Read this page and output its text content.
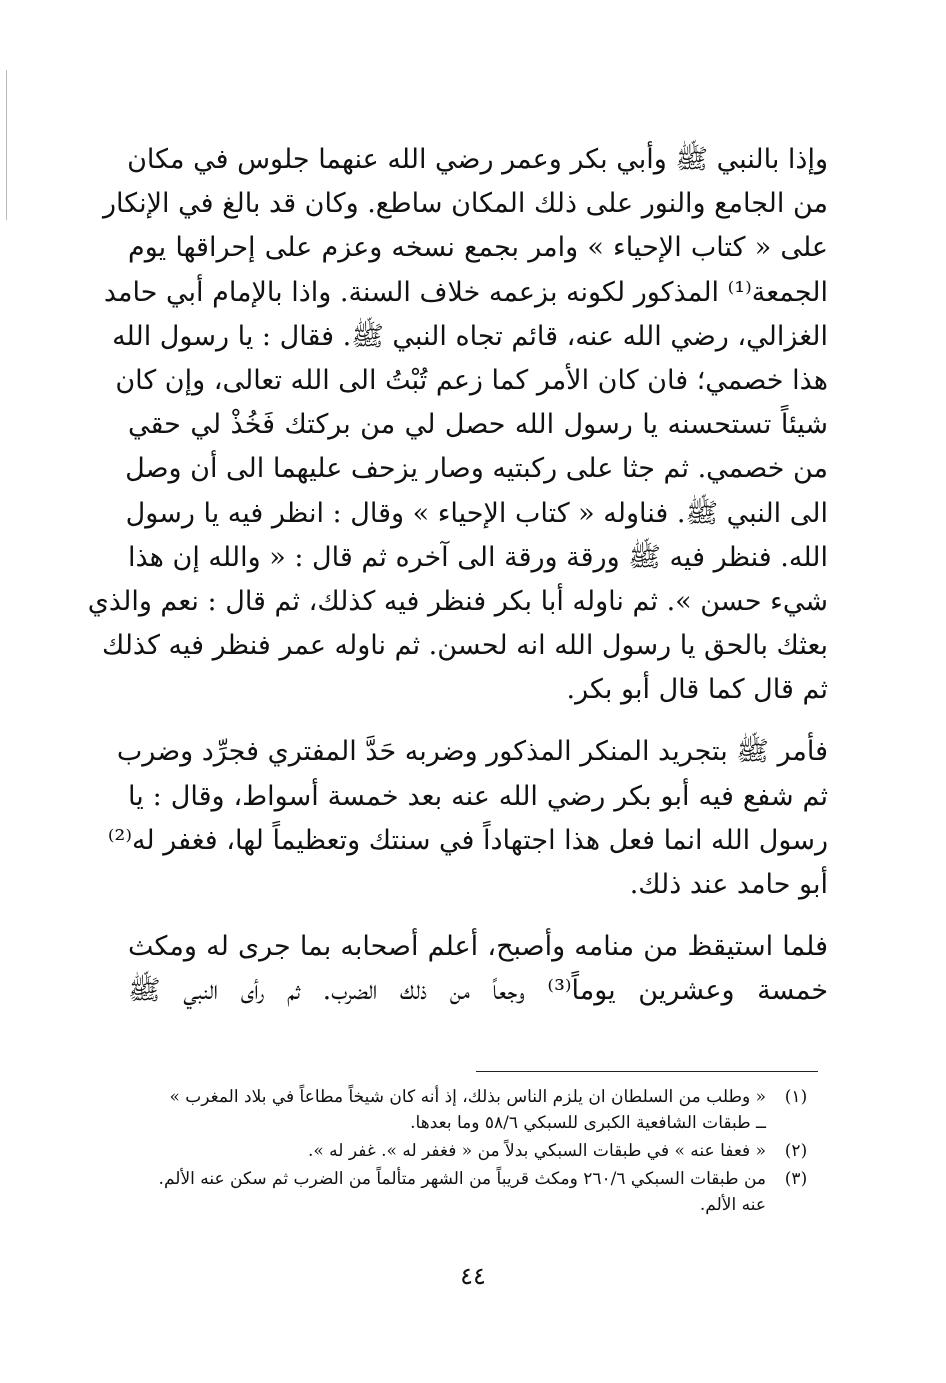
وإذا بالنبي ﷺ وأبي بكر وعمر رضي الله عنهما جلوس في مكان
من الجامع والنور على ذلك المكان ساطع. وكان قد بالغ في الإنكار
على « كتاب الإحياء » وامر بجمع نسخه وعزم على إحراقها يوم
الجمعة⁽¹⁾ المذكور لكونه بزعمه خلاف السنة. واذا بالإمام أبي حامد
الغزالي، رضي الله عنه، قائم تجاه النبي ﷺ. فقال : يا رسول الله
هذا خصمي؛ فان كان الأمر كما زعم تُبْتُ الى الله تعالى، وإن كان
شيئاً تستحسنه يا رسول الله حصل لي من بركتك فَخُذْ لي حقي
من خصمي. ثم جثا على ركبتيه وصار يزحف عليهما الى أن وصل
الى النبي ﷺ. فناوله « كتاب الإحياء » وقال : انظر فيه يا رسول
الله. فنظر فيه ﷺ ورقة ورقة الى آخره ثم قال : « والله إن هذا
شيء حسن ». ثم ناوله أبا بكر فنظر فيه كذلك، ثم قال : نعم والذي
بعثك بالحق يا رسول الله انه لحسن. ثم ناوله عمر فنظر فيه كذلك
ثم قال كما قال أبو بكر.
فأمر ﷺ بتجريد المنكر المذكور وضربه حَدَّ المفتري فجرِّد وضرب
ثم شفع فيه أبو بكر رضي الله عنه بعد خمسة أسواط، وقال : يا
رسول الله انما فعل هذا اجتهاداً في سنتك وتعظيماً لها، فغفر له⁽²⁾
أبو حامد عند ذلك.
فلما استيقظ من منامه وأصبح، أعلم أصحابه بما جرى له ومكث
خمسة وعشرين يوماً⁽³⁾ وجعاً من ذلك الضرب. ثم رأى النبي ﷺ
(١)
« وطلب من السلطان ان يلزم الناس بذلك، إذ أنه كان شيخاً مطاعاً في بلاد المغرب »
ــ طبقات الشافعية الكبرى للسبكي ٥٨/٦ وما بعدها.
(٢)
« فعفا عنه » في طبقات السبكي بدلاً من « فغفر له ». غفر له ».
(٣)
من طبقات السبكي ٢٦٠/٦ ومكث قريباً من الشهر متألماً من الضرب ثم سكن عنه الألم.
عنه الألم.
٤٤
